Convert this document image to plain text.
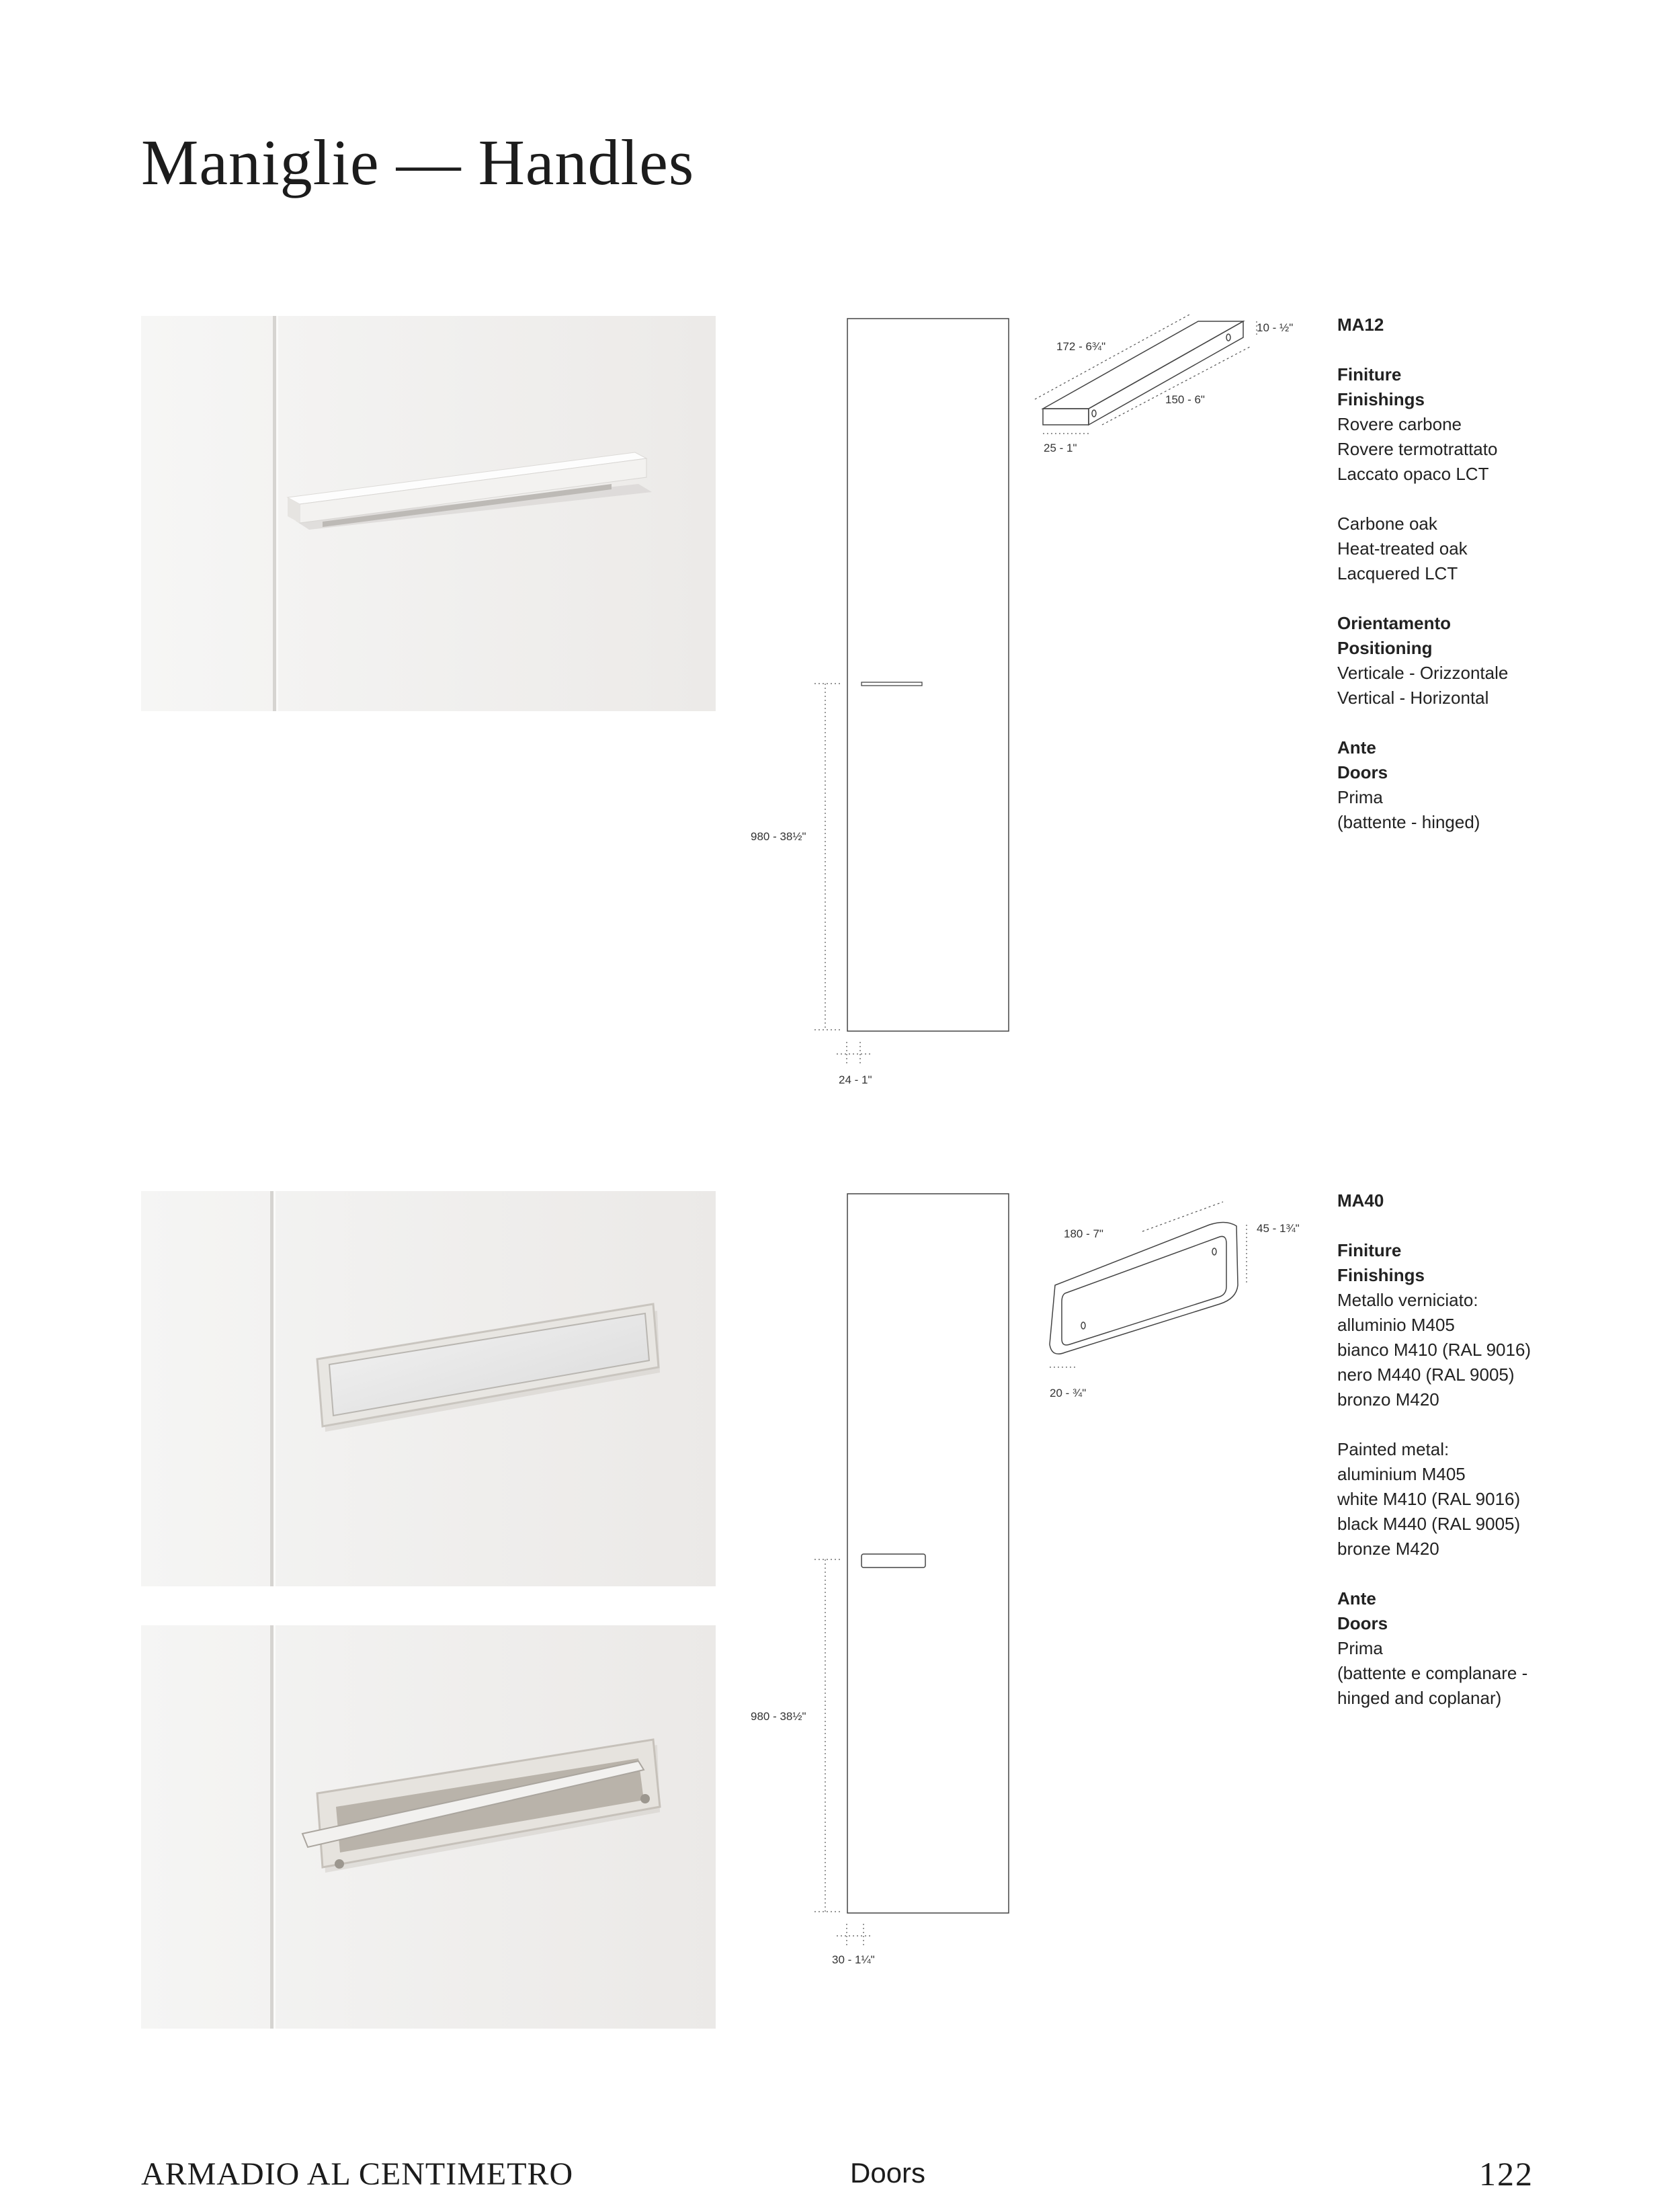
Maniglie — Handles
980 - 38½"
24 - 1"
172 - 6¾"
150 - 6"
10 - ½"
25 - 1"
MA12
Finiture
Finishings
Rovere carbone
Rovere termotrattato
Laccato opaco LCT
Carbone oak
Heat-treated oak
Lacquered LCT
Orientamento
Positioning
Verticale - Orizzontale
Vertical - Horizontal
Ante
Doors
Prima
(battente - hinged)
980 - 38½"
30 - 1¼"
180 - 7"	45 - 1¾"
20 - ¾"
MA40
Finiture
Finishings
Metallo verniciato:
alluminio M405
bianco M410 (RAL 9016)
nero M440 (RAL 9005)
bronzo M420
Painted metal:
aluminium M405
white M410 (RAL 9016)
black M440 (RAL 9005)
bronze M420
Ante
Doors
Prima
(battente e complanare -
hinged and coplanar)
ARMADIO AL CENTIMETRO	Doors	122
